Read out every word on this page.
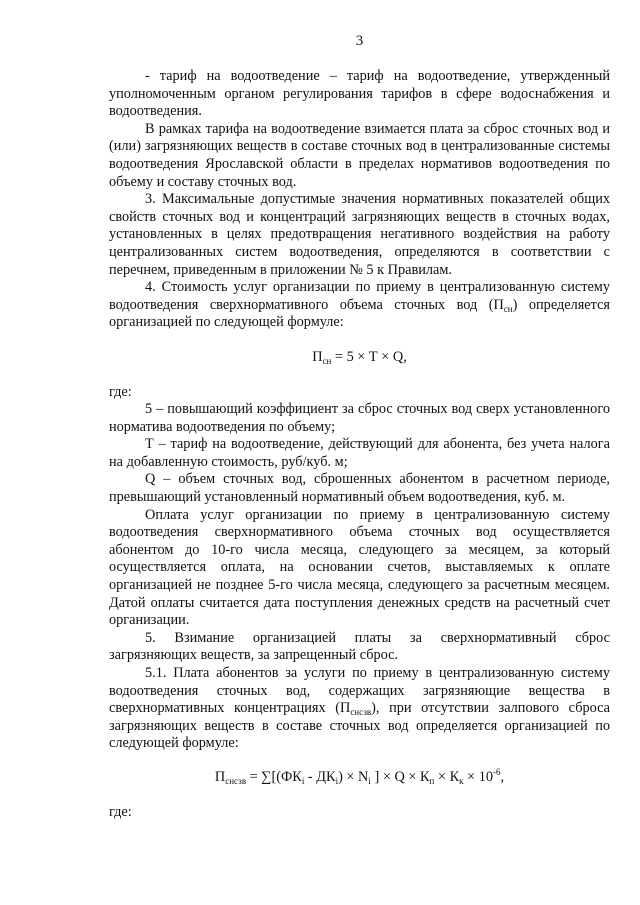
3

- тариф на водоотведение – тариф на водоотведение, утвержденный уполномоченным органом регулирования тарифов в сфере водоснабжения и водоотведения.

В рамках тарифа на водоотведение взимается плата за сброс сточных вод и (или) загрязняющих веществ в составе сточных вод в централизованные системы водоотведения Ярославской области в пределах нормативов водоотведения по объему и составу сточных вод.

3. Максимальные допустимые значения нормативных показателей общих свойств сточных вод и концентраций загрязняющих веществ в сточных водах, установленных в целях предотвращения негативного воздействия на работу централизованных систем водоотведения, определяются в соответствии с перечнем, приведенным в приложении № 5 к Правилам.

4. Стоимость услуг организации по приему в централизованную систему водоотведения сверхнормативного объема сточных вод $(П_{сн})$ определяется организацией по следующей формуле:

$П_{сн} = 5 \times Т \times Q$,

где:

5 – повышающий коэффициент за сброс сточных вод сверх установленного норматива водоотведения по объему;

Т – тариф на водоотведение, действующий для абонента, без учета налога на добавленную стоимость, руб/куб. м;

Q – объем сточных вод, сброшенных абонентом в расчетном периоде, превышающий установленный нормативный объем водоотведения, куб. м.

Оплата услуг организации по приему в централизованную систему водоотведения сверхнормативного объема сточных вод осуществляется абонентом до 10-го числа месяца, следующего за месяцем, за который осуществляется оплата, на основании счетов, выставляемых к оплате организацией не позднее 5-го числа месяца, следующего за расчетным месяцем. Датой оплаты считается дата поступления денежных средств на расчетный счет организации.

5. Взимание организацией платы за сверхнормативный сброс загрязняющих веществ, за запрещенный сброс.

5.1. Плата абонентов за услуги по приему в централизованную систему водоотведения сточных вод, содержащих загрязняющие вещества в сверхнормативных концентрациях $(П_{снсзв})$, при отсутствии залпового сброса загрязняющих веществ в составе сточных вод определяется организацией по следующей формуле:

$П_{снсзв} = \sum[(ФК_i - ДК_i) \times N_i$ ] × $Q \times К_п \times К_к \times 10^{-6}$,

где:
